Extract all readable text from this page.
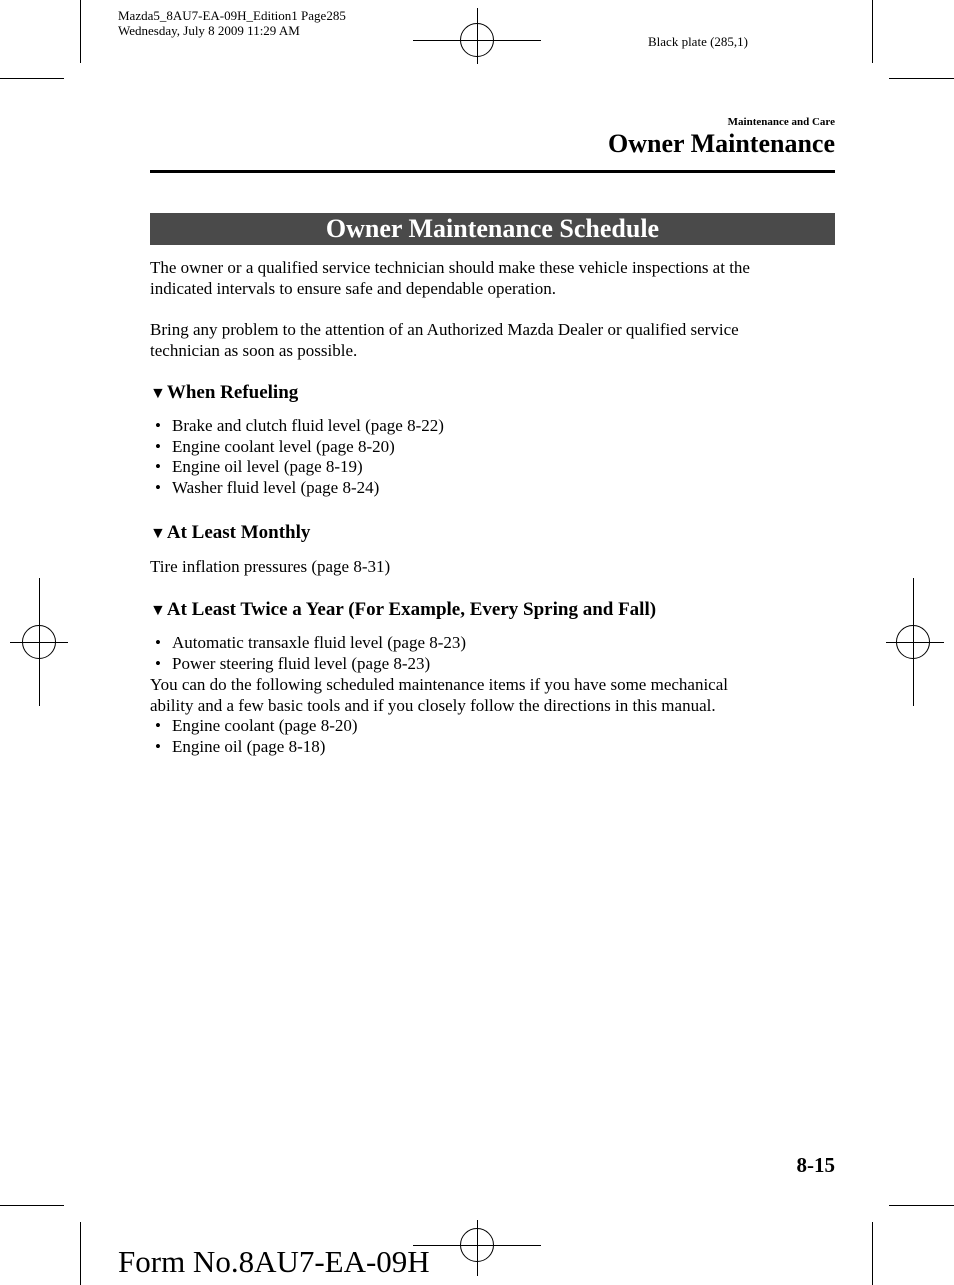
Mazda5_8AU7-EA-09H_Edition1 Page285
Wednesday, July 8 2009 11:29 AM
Black plate (285,1)
Maintenance and Care
Owner Maintenance
Owner Maintenance Schedule
The owner or a qualified service technician should make these vehicle inspections at the
indicated intervals to ensure safe and dependable operation.
Bring any problem to the attention of an Authorized Mazda Dealer or qualified service
technician as soon as possible.
▼When Refueling
• Brake and clutch fluid level (page 8-22)
• Engine coolant level (page 8-20)
• Engine oil level (page 8-19)
• Washer fluid level (page 8-24)
▼At Least Monthly
Tire inflation pressures (page 8-31)
▼At Least Twice a Year (For Example, Every Spring and Fall)
• Automatic transaxle fluid level (page 8-23)
• Power steering fluid level (page 8-23)
You can do the following scheduled maintenance items if you have some mechanical
ability and a few basic tools and if you closely follow the directions in this manual.
• Engine coolant (page 8-20)
• Engine oil (page 8-18)
8-15
Form No.8AU7-EA-09H
